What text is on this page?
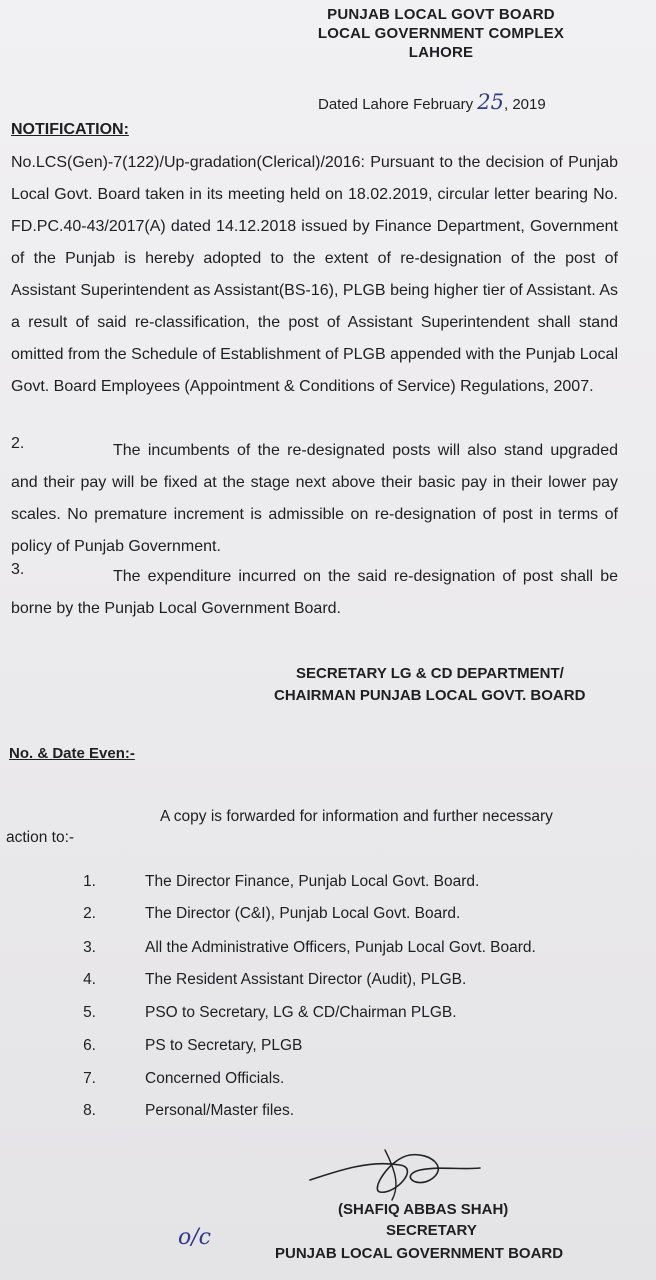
PUNJAB LOCAL GOVT BOARD
LOCAL GOVERNMENT COMPLEX
LAHORE
Dated Lahore February 25, 2019
NOTIFICATION:
No.LCS(Gen)-7(122)/Up-gradation(Clerical)/2016: Pursuant to the decision of Punjab Local Govt. Board taken in its meeting held on 18.02.2019, circular letter bearing No. FD.PC.40-43/2017(A) dated 14.12.2018 issued by Finance Department, Government of the Punjab is hereby adopted to the extent of re-designation of the post of Assistant Superintendent as Assistant(BS-16), PLGB being higher tier of Assistant. As a result of said re-classification, the post of Assistant Superintendent shall stand omitted from the Schedule of Establishment of PLGB appended with the Punjab Local Govt. Board Employees (Appointment & Conditions of Service) Regulations, 2007.
2.	The incumbents of the re-designated posts will also stand upgraded and their pay will be fixed at the stage next above their basic pay in their lower pay scales. No premature increment is admissible on re-designation of post in terms of policy of Punjab Government.
3.	The expenditure incurred on the said re-designation of post shall be borne by the Punjab Local Government Board.
SECRETARY LG & CD DEPARTMENT/
CHAIRMAN PUNJAB LOCAL GOVT. BOARD
No. & Date Even:-
A copy is forwarded for information and further necessary
action to:-
1.	The Director Finance, Punjab Local Govt. Board.
2.	The Director (C&I), Punjab Local Govt. Board.
3.	All the Administrative Officers, Punjab Local Govt. Board.
4.	The Resident Assistant Director (Audit), PLGB.
5.	PSO to Secretary, LG & CD/Chairman PLGB.
6.	PS to Secretary, PLGB
7.	Concerned Officials.
8.	Personal/Master files.
(SHAFIQ ABBAS SHAH)
SECRETARY
PUNJAB LOCAL GOVERNMENT BOARD
o/c
